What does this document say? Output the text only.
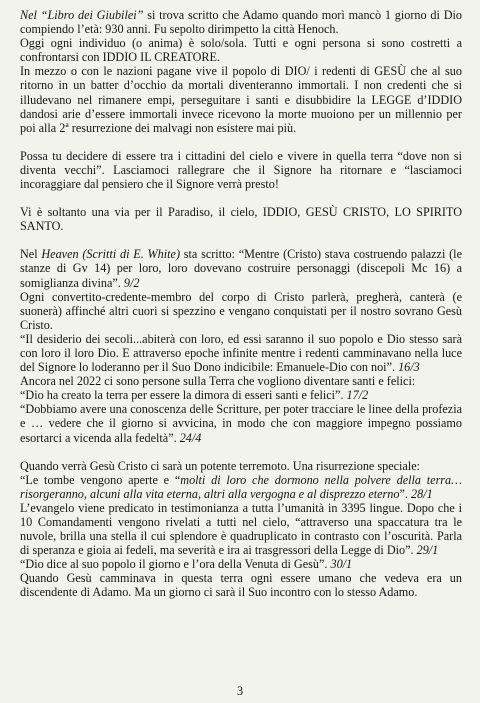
Nel “Libro dei Giubilei” si trova scritto che Adamo quando morì mancò 1 giorno di Dio compiendo l’età: 930 anni. Fu sepolto dirimpetto la città Henoch.

Oggi ogni individuo (o anima) è solo/sola. Tutti e ogni persona si sono costretti a confrontarsi con IDDIO IL CREATORE.

In mezzo o con le nazioni pagane vive il popolo di DIO/ i redenti di GESÙ che al suo ritorno in un batter d’occhio da mortali diventeranno immortali. I non credenti che si illudevano nel rimanere empi, perseguitare i santi e disubbidire la LEGGE d’IDDIO dandosi arie d’essere immortali invece ricevono la morte muoiono per un millennio per poi alla 2ª resurrezione dei malvagi non esistere mai più.

Possa tu decidere di essere tra i cittadini del cielo e vivere in quella terra “dove non si diventa vecchi”. Lasciamoci rallegrare che il Signore ha ritornare e “lasciamoci incoraggiare dal pensiero che il Signore verrà presto!

Vi è soltanto una via per il Paradiso, il cielo, IDDIO, GESÙ CRISTO, LO SPIRITO SANTO.

Nel Heaven (Scritti di E. White) sta scritto: “Mentre (Cristo) stava costruendo palazzi (le stanze di Gv 14) per loro, loro dovevano costruire personaggi (discepoli Mc 16) a somiglianza divina”. 9/2

Ogni convertito-credente-membro del corpo di Cristo parlerà, pregherà, canterà (e suonerà) affinché altri cuori si spezzino e vengano conquistati per il nostro sovrano Gesù Cristo.

“Il desiderio dei secoli...abiterà con loro, ed essi saranno il suo popolo e Dio stesso sarà con loro il loro Dio. E attraverso epoche infinite mentre i redenti camminavano nella luce del Signore lo loderanno per il Suo Dono indicibile: Emanuele-Dio con noi”. 16/3

Ancora nel 2022 ci sono persone sulla Terra che vogliono diventare santi e felici:

“Dio ha creato la terra per essere la dimora di esseri santi e felici”. 17/2

“Dobbiamo avere una conoscenza delle Scritture, per poter tracciare le linee della profezia e … vedere che il giorno si avvicina, in modo che con maggiore impegno possiamo esortarci a vicenda alla fedeltà”. 24/4

Quando verrà Gesù Cristo ci sarà un potente terremoto. Una risurrezione speciale:

“Le tombe vengono aperte e “molti di loro che dormono nella polvere della terra… risorgeranno, alcuni alla vita eterna, altri alla vergogna e al disprezzo eterno”. 28/1

L’evangelo viene predicato in testimonianza a tutta l’umanità in 3395 lingue. Dopo che i 10 Comandamenti vengono rivelati a tutti nel cielo, “attraverso una spaccatura tra le nuvole, brilla una stella il cui splendore è quadruplicato in contrasto con l’oscurità. Parla di speranza e gioia ai fedeli, ma severità e ira ai trasgressori della Legge di Dio”. 29/1

“Dio dice al suo popolo il giorno e l’ora della Venuta di Gesù”. 30/1

Quando Gesù camminava in questa terra ogni essere umano che vedeva era un discendente di Adamo. Ma un giorno ci sarà il Suo incontro con lo stesso Adamo.

3
